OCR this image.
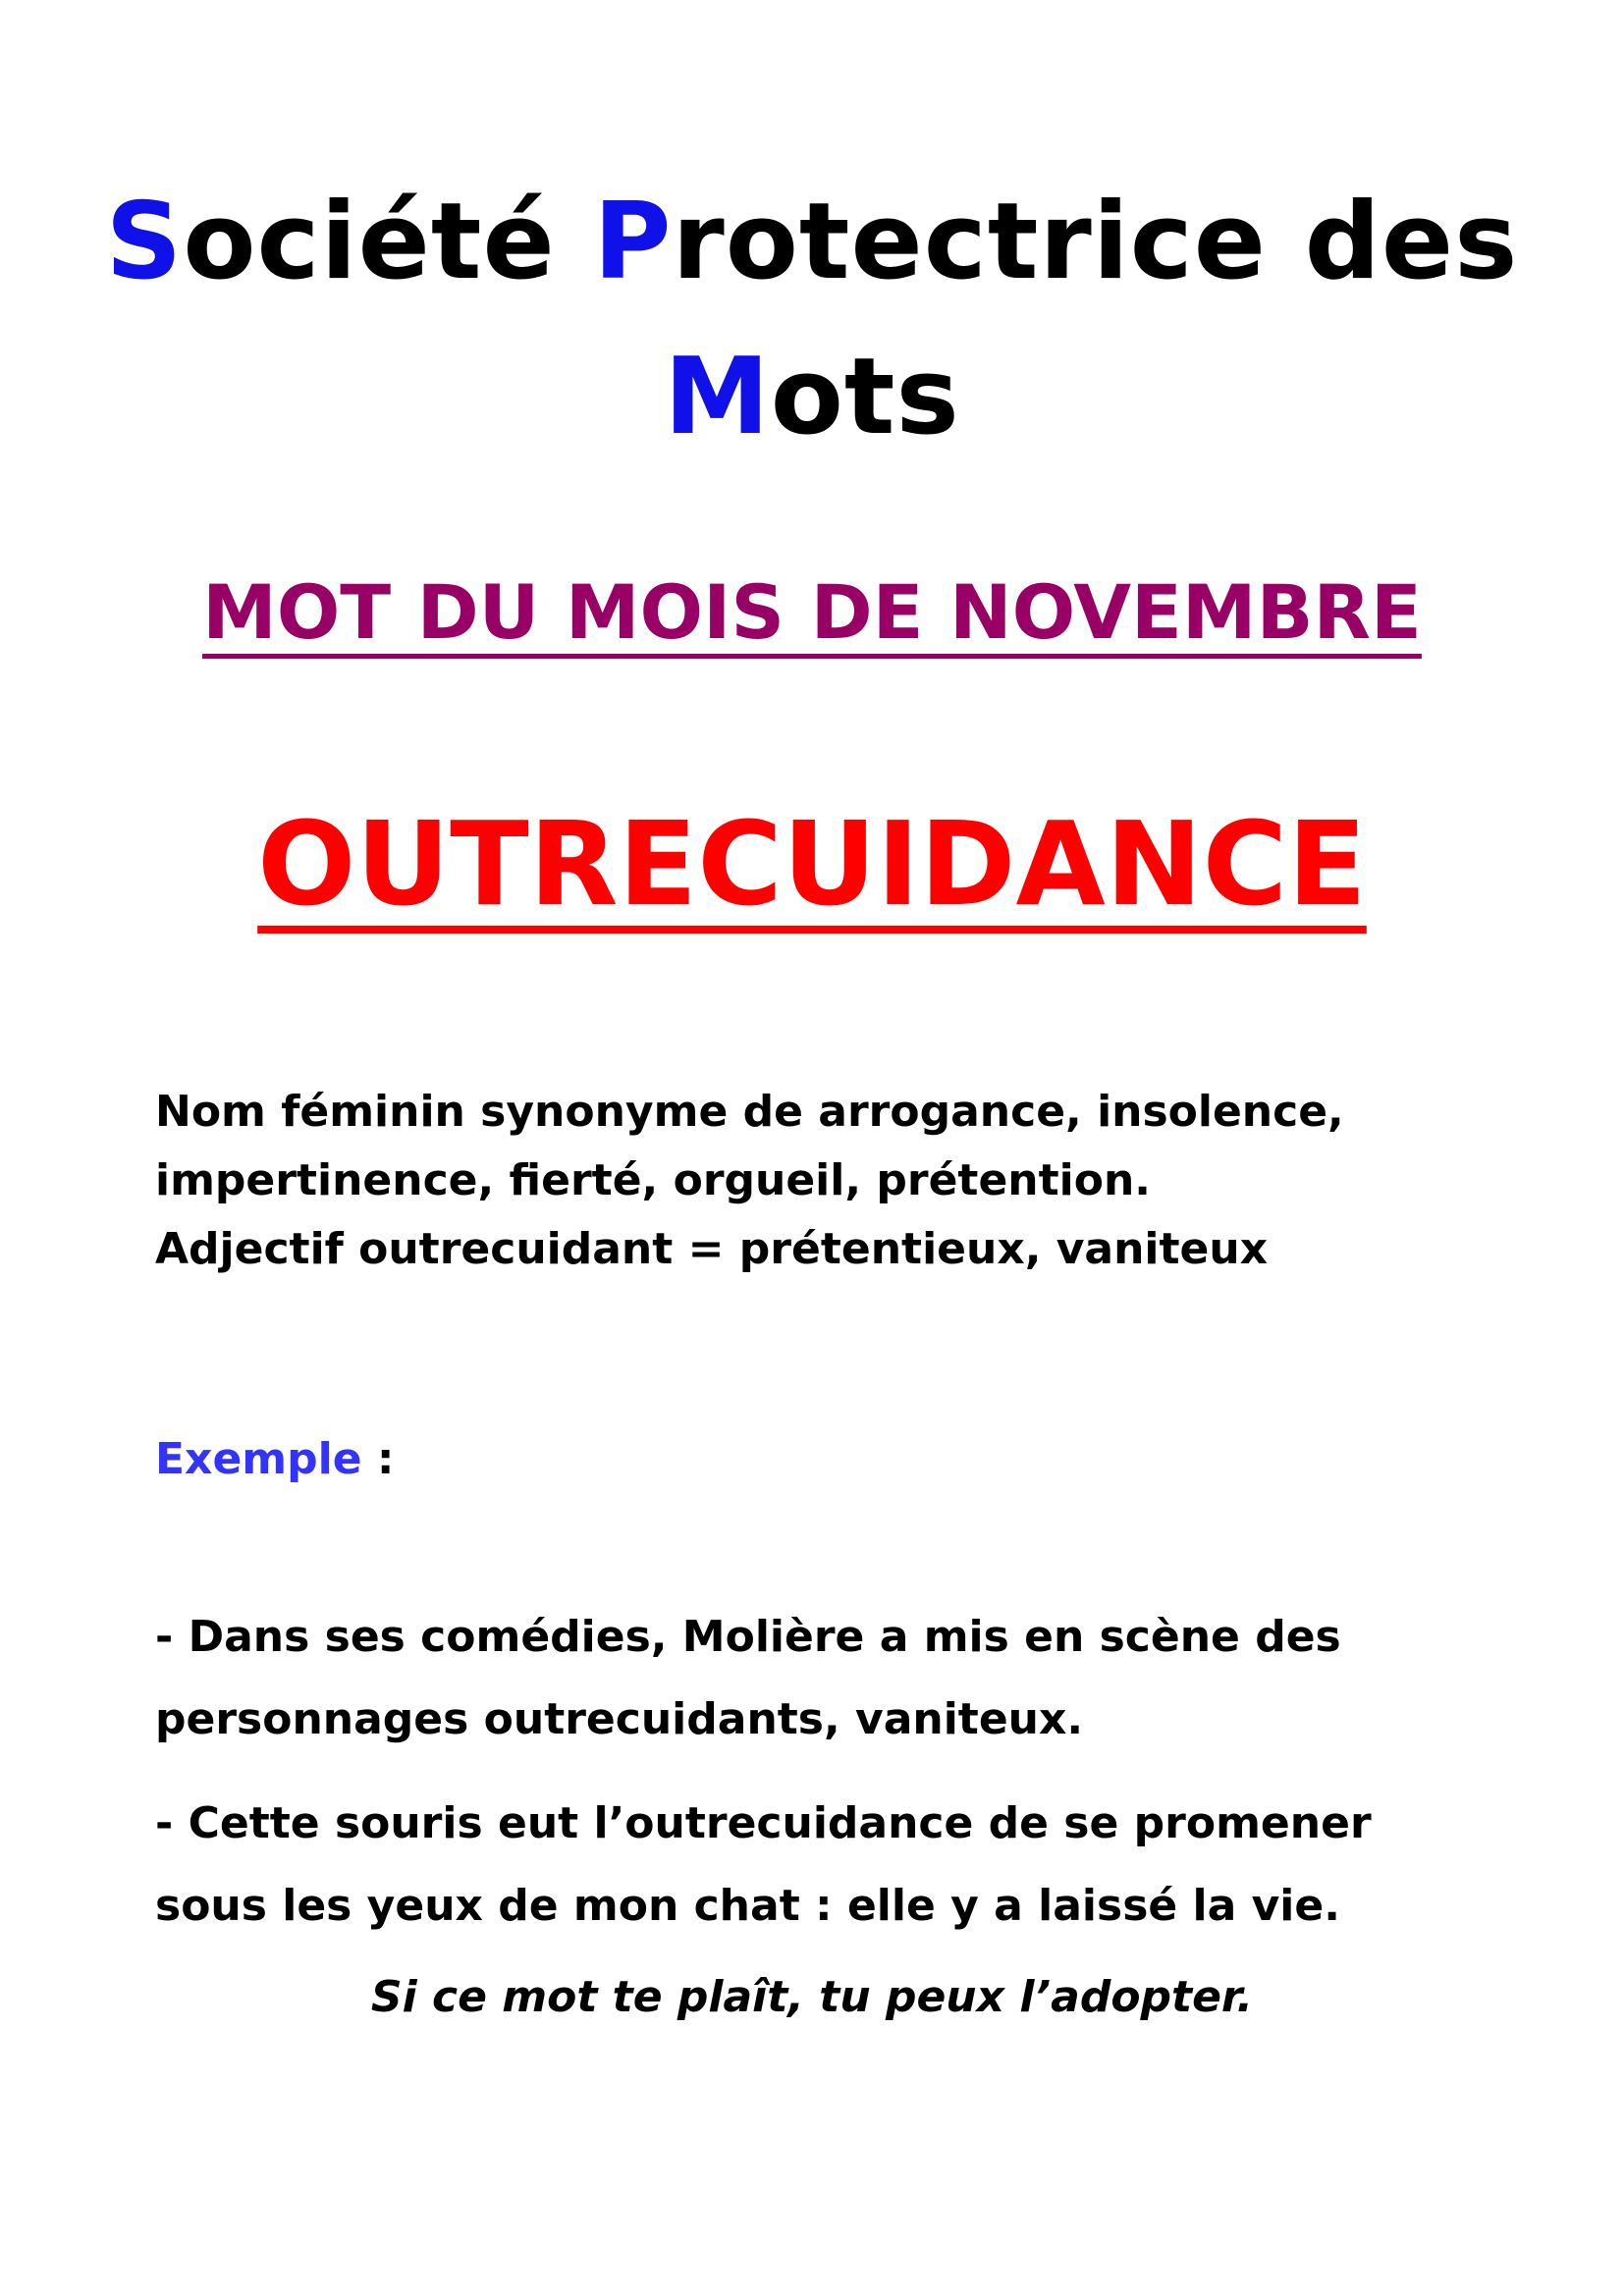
Société Protectrice des
Mots
MOT DU MOIS DE NOVEMBRE
OUTRECUIDANCE
Nom féminin synonyme de arrogance, insolence,
impertinence, fierté, orgueil, prétention.
Adjectif outrecuidant = prétentieux, vaniteux
Exemple :
- Dans ses comédies, Molière a mis en scène des
personnages outrecuidants, vaniteux.
- Cette souris eut l’outrecuidance de se promener
sous les yeux de mon chat : elle y a laissé la vie.
Si ce mot te plaît, tu peux l’adopter.
